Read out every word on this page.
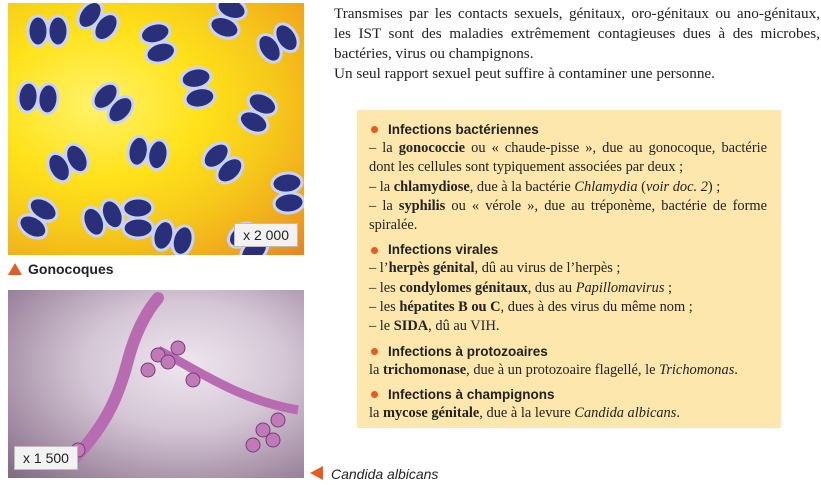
x 2 000
Gonocoques
x 1 500
Candida albicans
Transmises par les contacts sexuels, génitaux, oro-génitaux ou ano-génitaux, les IST sont des maladies extrêmement contagieuses dues à des microbes, bactéries, virus ou champignons.
Un seul rapport sexuel peut suffire à contaminer une personne.
Infections bactériennes

– la gonococcie ou « chaude-pisse », due au gonocoque, bactérie dont les cellules sont typiquement associées par deux ;

– la chlamydiose, due à la bactérie Chlamydia (voir doc. 2) ;

– la syphilis ou « vérole », due au tréponème, bactérie de forme spiralée.

Infections virales

– l’herpès génital, dû au virus de l’herpès ;

– les condylomes génitaux, dus au Papillomavirus ;

– les hépatites B ou C, dues à des virus du même nom ;

– le SIDA, dû au VIH.

Infections à protozoaires

la trichomonase, due à un protozoaire flagellé, le Trichomonas.

Infections à champignons

la mycose génitale, due à la levure Candida albicans.
